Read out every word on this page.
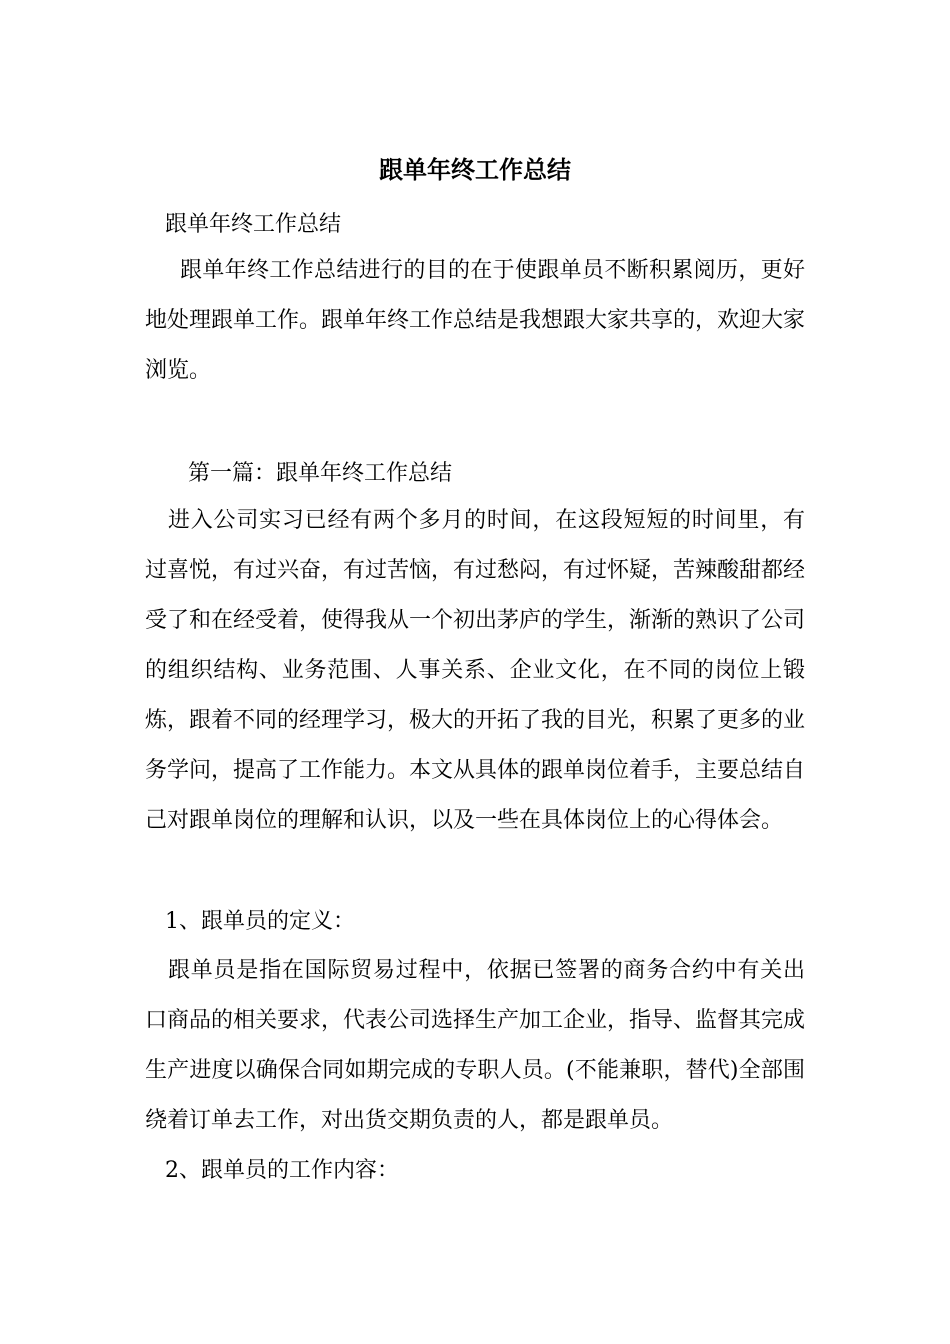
跟单年终工作总结
跟单年终工作总结
跟单年终工作总结进行的目的在于使跟单员不断积累阅历，更好地处理跟单工作。跟单年终工作总结是我想跟大家共享的，欢迎大家浏览。
第一篇：跟单年终工作总结
进入公司实习已经有两个多月的时间，在这段短短的时间里，有过喜悦，有过兴奋，有过苦恼，有过愁闷，有过怀疑，苦辣酸甜都经受了和在经受着，使得我从一个初出茅庐的学生，渐渐的熟识了公司的组织结构、业务范围、人事关系、企业文化，在不同的岗位上锻炼，跟着不同的经理学习，极大的开拓了我的目光，积累了更多的业务学问，提高了工作能力。本文从具体的跟单岗位着手，主要总结自己对跟单岗位的理解和认识，以及一些在具体岗位上的心得体会。
1、跟单员的定义：
跟单员是指在国际贸易过程中，依据已签署的商务合约中有关出口商品的相关要求，代表公司选择生产加工企业，指导、监督其完成生产进度以确保合同如期完成的专职人员。(不能兼职，替代)全部围绕着订单去工作，对出货交期负责的人，都是跟单员。
2、跟单员的工作内容：
